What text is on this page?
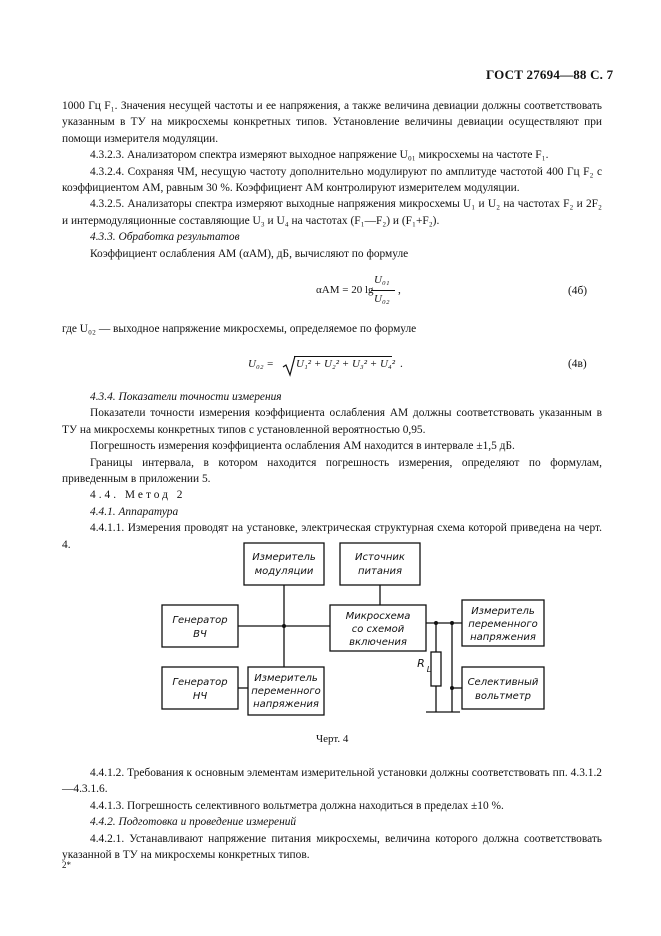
ГОСТ 27694—88 С. 7

1000 Гц F₁. Значения несущей частоты и ее напряжения, а также величина девиации должны соответствовать указанным в ТУ на микросхемы конкретных типов. Установление величины девиации осуществляют при помощи измерителя модуляции.

4.3.2.3. Анализатором спектра измеряют выходное напряжение U₀₁ микросхемы на частоте F₁.

4.3.2.4. Сохраняя ЧМ, несущую частоту дополнительно модулируют по амплитуде частотой 400 Гц F₂ с коэффициентом АМ, равным 30 %. Коэффициент АМ контролируют измерителем модуляции.

4.3.2.5. Анализаторы спектра измеряют выходные напряжения микросхемы U₁ и U₂ на частотах F₂ и 2F₂ и интермодуляционные составляющие U₃ и U₄ на частотах (F₁—F₂) и (F₁+F₂).

4.3.3. Обработка результатов

Коэффициент ослабления АМ (αАМ), дБ, вычисляют по формуле

αАМ = 20 lg
U₀₁
U₀₂
,	(4б)

где U₀₂ — выходное напряжение микросхемы, определяемое по формуле

U₀₂ = U₁² + U₂² + U₃² + U₄² .	(4в)

4.3.4. Показатели точности измерения

Показатели точности измерения коэффициента ослабления АМ должны соответствовать указанным в ТУ на микросхемы конкретных типов с установленной вероятностью 0,95.

Погрешность измерения коэффициента ослабления АМ находится в интервале ±1,5 дБ.

Границы интервала, в котором находится погрешность измерения, определяют по формулам, приведенным в приложении 5.

4.4. Метод 2

4.4.1. Аппаратура

4.4.1.1. Измерения проводят на установке, электрическая структурная схема которой приведена на черт. 4.

Измеритель
модуляции
Источник
питания
Генератор
ВЧ
Микросхема
со схемой
включения
Измеритель
переменного
напряжения
Генератор
НЧ
Измеритель
переменного
напряжения
Селективный
вольтметр
R L
Черт. 4

4.4.1.2. Требования к основным элементам измерительной установки должны соответствовать пп. 4.3.1.2—4.3.1.6.

4.4.1.3. Погрешность селективного вольтметра должна находиться в пределах ±10 %.

4.4.2. Подготовка и проведение измерений

4.4.2.1. Устанавливают напряжение питания микросхемы, величина которого должна соответствовать указанной в ТУ на микросхемы конкретных типов.

2*
